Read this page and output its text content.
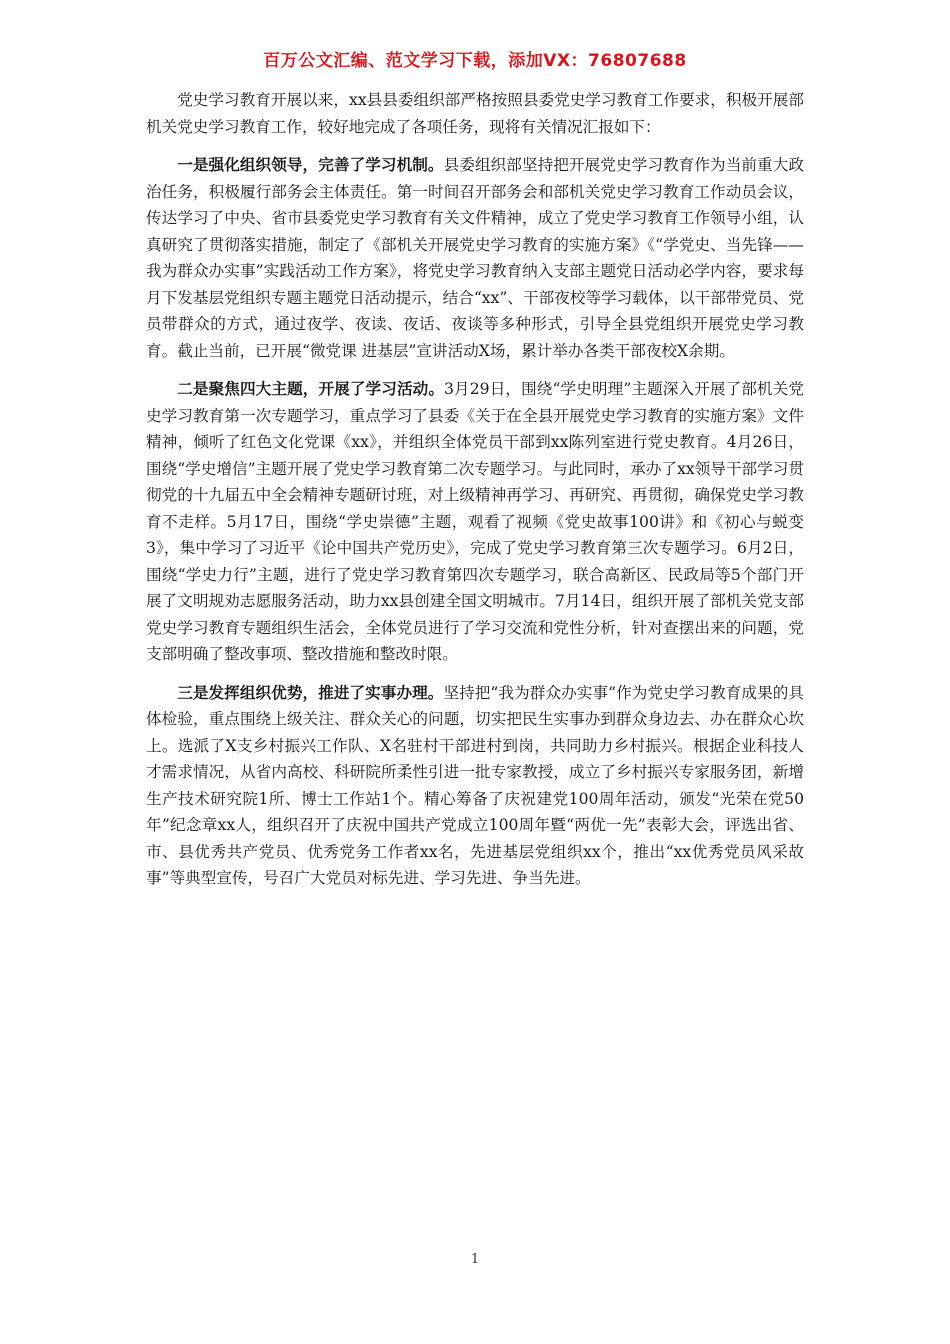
百万公文汇编、范文学习下载，添加VX：76807688

党史学习教育开展以来，xx县县委组织部严格按照县委党史学习教育工作要求，积极开展部机关党史学习教育工作，较好地完成了各项任务，现将有关情况汇报如下：

一是强化组织领导，完善了学习机制。县委组织部坚持把开展党史学习教育作为当前重大政治任务，积极履行部务会主体责任。第一时间召开部务会和部机关党史学习教育工作动员会议，传达学习了中央、省市县委党史学习教育有关文件精神，成立了党史学习教育工作领导小组，认真研究了贯彻落实措施，制定了《部机关开展党史学习教育的实施方案》《“学党史、当先锋——我为群众办实事”实践活动工作方案》，将党史学习教育纳入支部主题党日活动必学内容，要求每月下发基层党组织专题主题党日活动提示，结合“xx”、干部夜校等学习载体，以干部带党员、党员带群众的方式，通过夜学、夜读、夜话、夜谈等多种形式，引导全县党组织开展党史学习教育。截止当前，已开展“微党课 进基层”宣讲活动X场，累计举办各类干部夜校X余期。

二是聚焦四大主题，开展了学习活动。3月29日，围绕“学史明理”主题深入开展了部机关党史学习教育第一次专题学习，重点学习了县委《关于在全县开展党史学习教育的实施方案》文件精神，倾听了红色文化党课《xx》，并组织全体党员干部到xx陈列室进行党史教育。4月26日，围绕“学史增信”主题开展了党史学习教育第二次专题学习。与此同时，承办了xx领导干部学习贯彻党的十九届五中全会精神专题研讨班，对上级精神再学习、再研究、再贯彻，确保党史学习教育不走样。5月17日，围绕“学史崇德”主题，观看了视频《党史故事100讲》和《初心与蜕变3》，集中学习了习近平《论中国共产党历史》，完成了党史学习教育第三次专题学习。6月2日，围绕“学史力行”主题，进行了党史学习教育第四次专题学习，联合高新区、民政局等5个部门开展了文明规劝志愿服务活动，助力xx县创建全国文明城市。7月14日，组织开展了部机关党支部党史学习教育专题组织生活会，全体党员进行了学习交流和党性分析，针对查摆出来的问题，党支部明确了整改事项、整改措施和整改时限。

三是发挥组织优势，推进了实事办理。坚持把“我为群众办实事”作为党史学习教育成果的具体检验，重点围绕上级关注、群众关心的问题，切实把民生实事办到群众身边去、办在群众心坎上。选派了X支乡村振兴工作队、X名驻村干部进村到岗，共同助力乡村振兴。根据企业科技人才需求情况，从省内高校、科研院所柔性引进一批专家教授，成立了乡村振兴专家服务团，新增生产技术研究院1所、博士工作站1个。精心筹备了庆祝建党100周年活动，颁发“光荣在党50年”纪念章xx人，组织召开了庆祝中国共产党成立100周年暨“两优一先”表彰大会，评选出省、市、县优秀共产党员、优秀党务工作者xx名，先进基层党组织xx个，推出“xx优秀党员风采故事”等典型宣传，号召广大党员对标先进、学习先进、争当先进。

1
